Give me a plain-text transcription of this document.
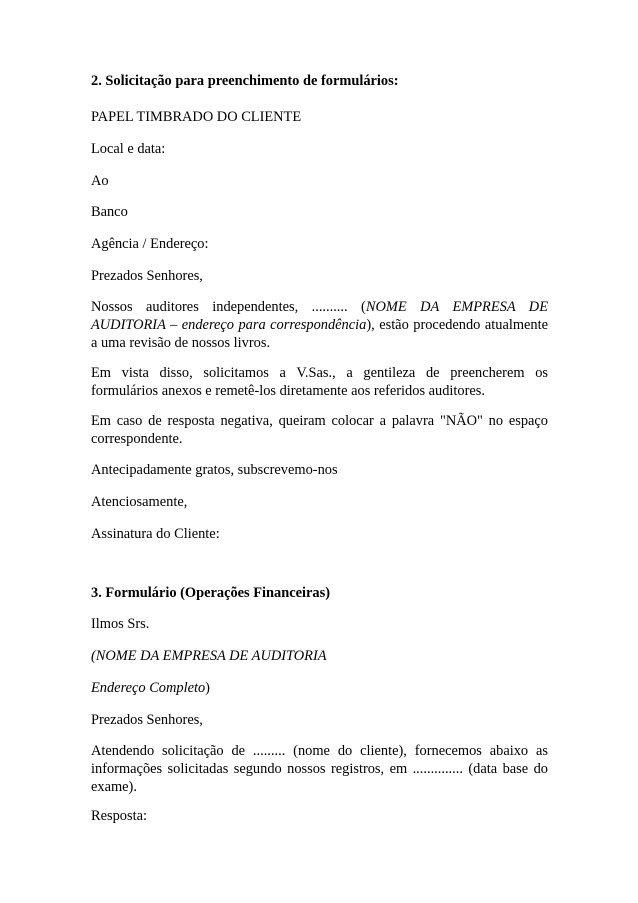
2. Solicitação para preenchimento de formulários:

PAPEL TIMBRADO DO CLIENTE

Local e data:

Ao

Banco

Agência / Endereço:

Prezados Senhores,

Nossos auditores independentes, .......... (NOME DA EMPRESA DE AUDITORIA – endereço para correspondência), estão procedendo atualmente a uma revisão de nossos livros.

Em vista disso, solicitamos a V.Sas., a gentileza de preencherem os formulários anexos e remetê-los diretamente aos referidos auditores.

Em caso de resposta negativa, queiram colocar a palavra "NÃO" no espaço correspondente.

Antecipadamente gratos, subscrevemo-nos

Atenciosamente,

Assinatura do Cliente:

3. Formulário (Operações Financeiras)

Ilmos Srs.

(NOME DA EMPRESA DE AUDITORIA

Endereço Completo)

Prezados Senhores,

Atendendo solicitação de ......... (nome do cliente), fornecemos abaixo as informações solicitadas segundo nossos registros, em .............. (data base do exame).

Resposta:
